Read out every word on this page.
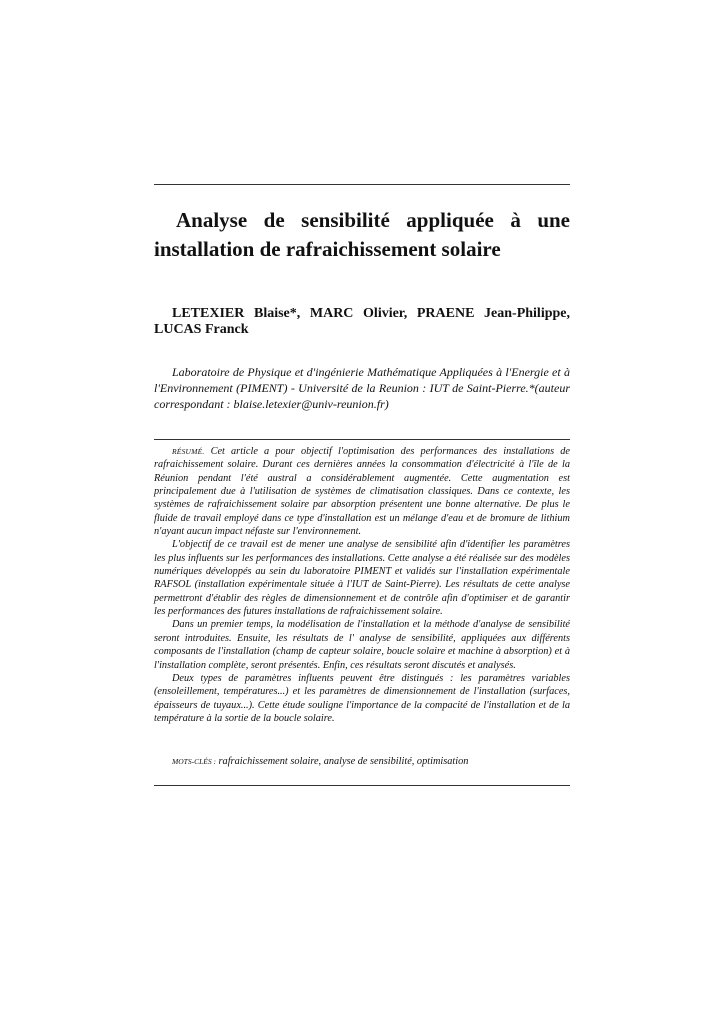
Analyse de sensibilité appliquée à une installation de rafraichissement solaire

LETEXIER Blaise*, MARC Olivier, PRAENE Jean-Philippe, LUCAS Franck

Laboratoire de Physique et d'ingénierie Mathématique Appliquées à l'Energie et à l'Environnement (PIMENT) - Université de la Reunion : IUT de Saint-Pierre.*(auteur correspondant : blaise.letexier@univ-reunion.fr)

RÉSUMÉ. Cet article a pour objectif l'optimisation des performances des installations de rafraichissement solaire. Durant ces dernières années la consommation d'électricité à l'île de la Réunion pendant l'été austral a considérablement augmentée. Cette augmentation est principalement due à l'utilisation de systèmes de climatisation classiques. Dans ce contexte, les systèmes de rafraichissement solaire par absorption présentent une bonne alternative. De plus le fluide de travail employé dans ce type d'installation est un mélange d'eau et de bromure de lithium n'ayant aucun impact néfaste sur l'environnement.

L'objectif de ce travail est de mener une analyse de sensibilité afin d'identifier les paramètres les plus influents sur les performances des installations. Cette analyse a été réalisée sur des modèles numériques développés au sein du laboratoire PIMENT et validés sur l'installation expérimentale RAFSOL (installation expérimentale située à l'IUT de Saint-Pierre). Les résultats de cette analyse permettront d'établir des règles de dimensionnement et de contrôle afin d'optimiser et de garantir les performances des futures installations de rafraichissement solaire.

Dans un premier temps, la modélisation de l'installation et la méthode d'analyse de sensibilité seront introduites. Ensuite, les résultats de l' analyse de sensibilité, appliquées aux différents composants de l'installation (champ de capteur solaire, boucle solaire et machine à absorption) et à l'installation complète, seront présentés. Enfin, ces résultats seront discutés et analysés.

Deux types de paramètres influents peuvent être distingués : les paramètres variables (ensoleillement, températures...) et les paramètres de dimensionnement de l'installation (surfaces, épaisseurs de tuyaux...). Cette étude souligne l'importance de la compacité de l'installation et de la température à la sortie de la boucle solaire.

MOTS-CLÉS : rafraichissement solaire, analyse de sensibilité, optimisation
